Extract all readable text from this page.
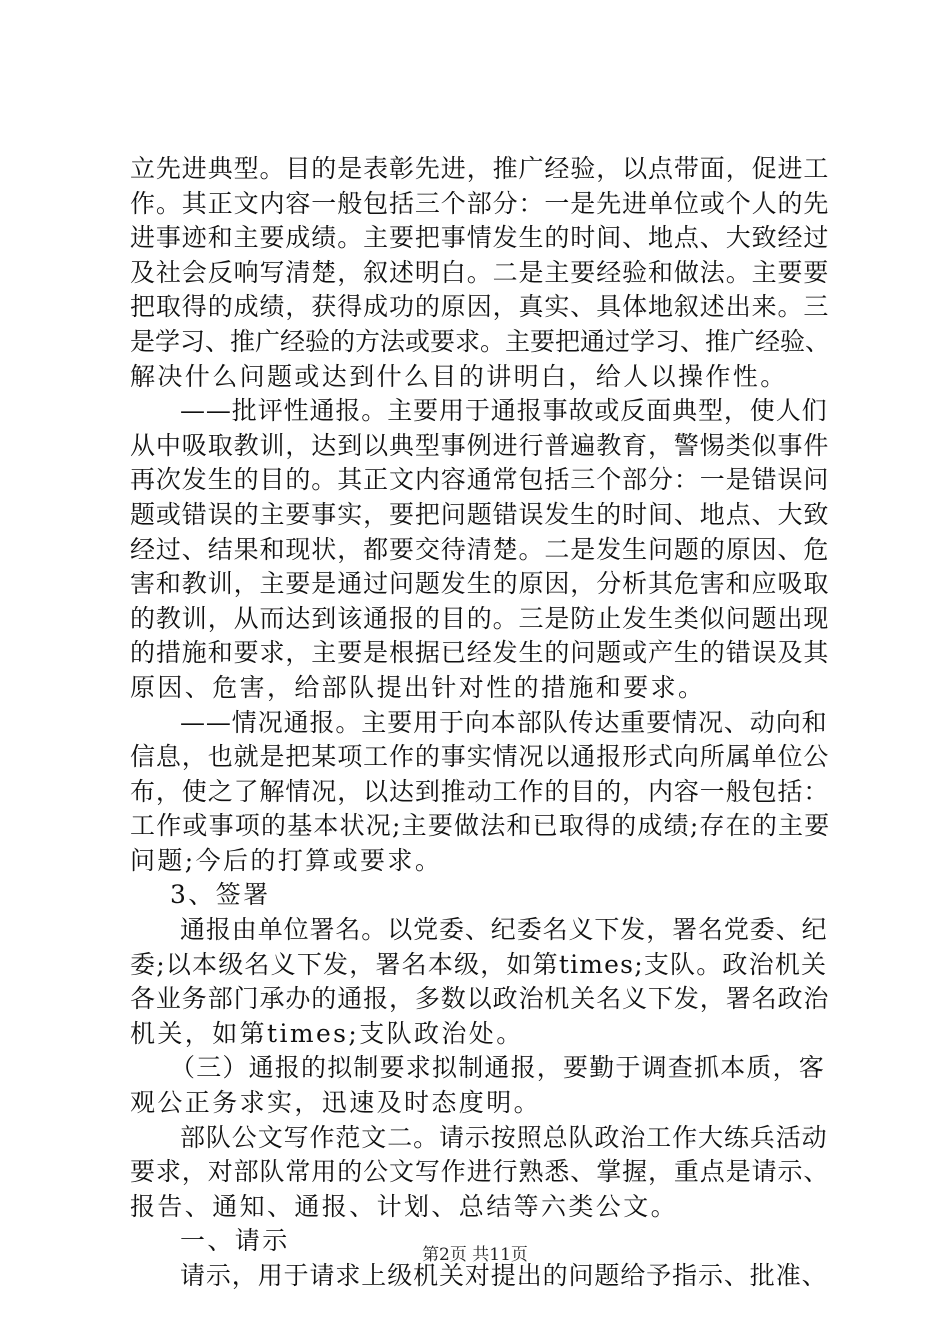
立先进典型。目的是表彰先进，推广经验，以点带面，促进工
作。其正文内容一般包括三个部分：一是先进单位或个人的先
进事迹和主要成绩。主要把事情发生的时间、地点、大致经过
及社会反响写清楚，叙述明白。二是主要经验和做法。主要要
把取得的成绩，获得成功的原因，真实、具体地叙述出来。三
是学习、推广经验的方法或要求。主要把通过学习、推广经验、
解决什么问题或达到什么目的讲明白，给人以操作性。
——批评性通报。主要用于通报事故或反面典型，使人们
从中吸取教训，达到以典型事例进行普遍教育，警惕类似事件
再次发生的目的。其正文内容通常包括三个部分：一是错误问
题或错误的主要事实，要把问题错误发生的时间、地点、大致
经过、结果和现状，都要交待清楚。二是发生问题的原因、危
害和教训，主要是通过问题发生的原因，分析其危害和应吸取
的教训，从而达到该通报的目的。三是防止发生类似问题出现
的措施和要求，主要是根据已经发生的问题或产生的错误及其
原因、危害，给部队提出针对性的措施和要求。
——情况通报。主要用于向本部队传达重要情况、动向和
信息，也就是把某项工作的事实情况以通报形式向所属单位公
布，使之了解情况，以达到推动工作的目的，内容一般包括：
工作或事项的基本状况;主要做法和已取得的成绩;存在的主要
问题;今后的打算或要求。
3、签署
通报由单位署名。以党委、纪委名义下发，署名党委、纪
委;以本级名义下发，署名本级，如第times;支队。政治机关
各业务部门承办的通报，多数以政治机关名义下发，署名政治
机关，如第times;支队政治处。
（三）通报的拟制要求拟制通报，要勤于调查抓本质，客
观公正务求实，迅速及时态度明。
部队公文写作范文二。请示按照总队政治工作大练兵活动
要求，对部队常用的公文写作进行熟悉、掌握，重点是请示、
报告、通知、通报、计划、总结等六类公文。
一、请示
请示，用于请求上级机关对提出的问题给予指示、批准、
第2页 共11页
